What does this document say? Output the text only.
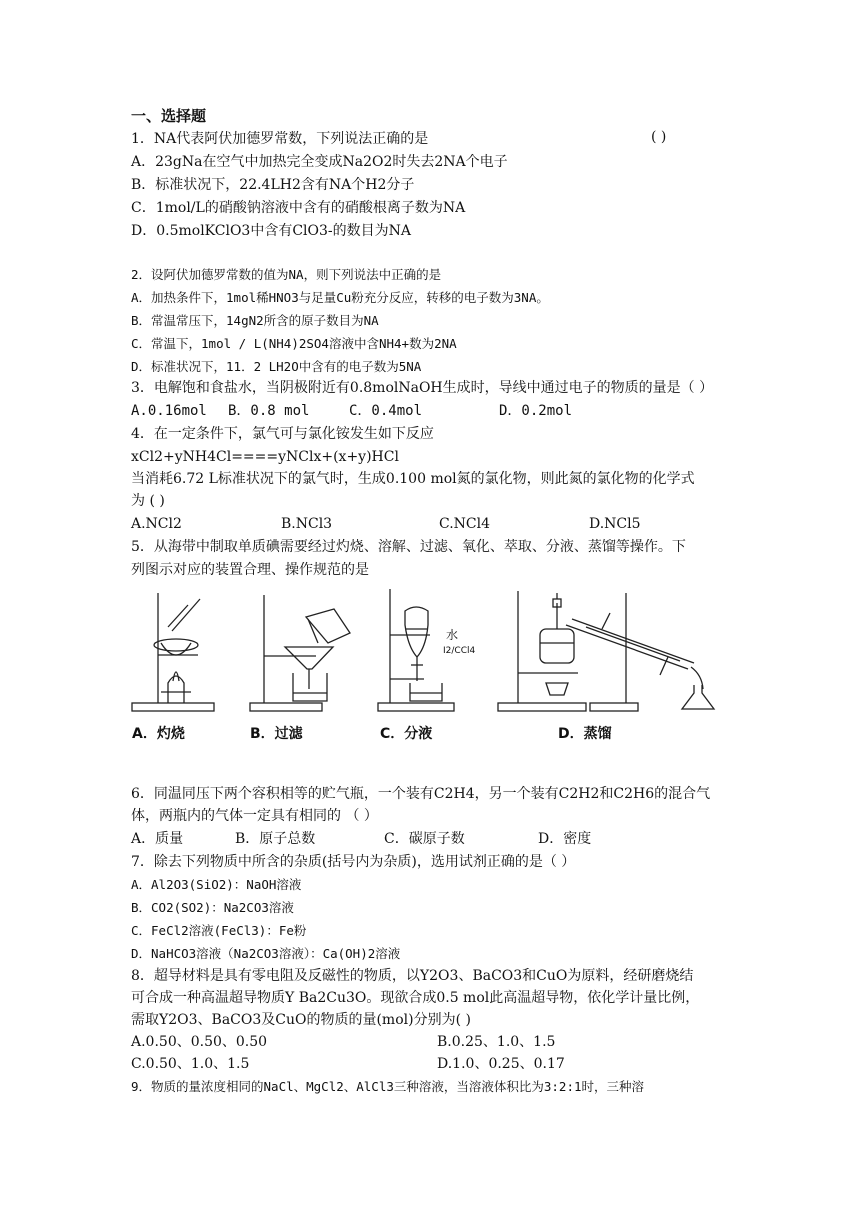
一、选择题
1．NA代表阿伏加德罗常数，下列说法正确的是	( )
A．23gNa在空气中加热完全变成Na2O2时失去2NA个电子
B．标准状况下，22.4LH2含有NA个H2分子
C．1mol/L的硝酸钠溶液中含有的硝酸根离子数为NA
D．0.5molKClO3中含有ClO3-的数目为NA
2．设阿伏加德罗常数的值为NA，则下列说法中正确的是
A．加热条件下，1mol稀HNO3与足量Cu粉充分反应，转移的电子数为3NA。
B．常温常压下，14gN2所含的原子数目为NA
C．常温下，1mol / L(NH4)2SO4溶液中含NH4+数为2NA
D．标准状况下，11．2 LH2O中含有的电子数为5NA
3．电解饱和食盐水，当阴极附近有0.8molNaOH生成时，导线中通过电子的物质的量是（ ）
A.0.16mol B．0.8 mol	C．0.4mol	D．0.2mol
4．在一定条件下，氯气可与氯化铵发生如下反应
xCl2+yNH4Cl====yNClx+(x+y)HCl
当消耗6.72 L标准状况下的氯气时，生成0.100 mol氮的氯化物，则此氮的氯化物的化学式
为 ( )
A.NCl2	B.NCl3	C.NCl4	D.NCl5
5．从海带中制取单质碘需要经过灼烧、溶解、过滤、氧化、萃取、分液、蒸馏等操作。下
列图示对应的装置合理、操作规范的是
水
I2/CCl4
A．灼烧	B．过滤	C．分液	D．蒸馏
6．同温同压下两个容积相等的贮气瓶，一个装有C2H4，另一个装有C2H2和C2H6的混合气
体，两瓶内的气体一定具有相同的 （ ）
A．质量	B．原子总数	C．碳原子数	D．密度
7．除去下列物质中所含的杂质(括号内为杂质)，选用试剂正确的是（ ）
A．Al2O3(SiO2)：NaOH溶液
B．CO2(SO2)：Na2CO3溶液
C．FeCl2溶液(FeCl3)：Fe粉
D．NaHCO3溶液（Na2CO3溶液）：Ca(OH)2溶液
8．超导材料是具有零电阻及反磁性的物质，以Y2O3、BaCO3和CuO为原料，经研磨烧结
可合成一种高温超导物质Y Ba2Cu3O。现欲合成0.5 mol此高温超导物，依化学计量比例，
需取Y2O3、BaCO3及CuO的物质的量(mol)分别为( )
A.0.50、0.50、0.50	B.0.25、1.0、1.5
C.0.50、1.0、1.5	D.1.0、0.25、0.17
9．物质的量浓度相同的NaCl、MgCl2、AlCl3三种溶液，当溶液体积比为3:2:1时，三种溶
